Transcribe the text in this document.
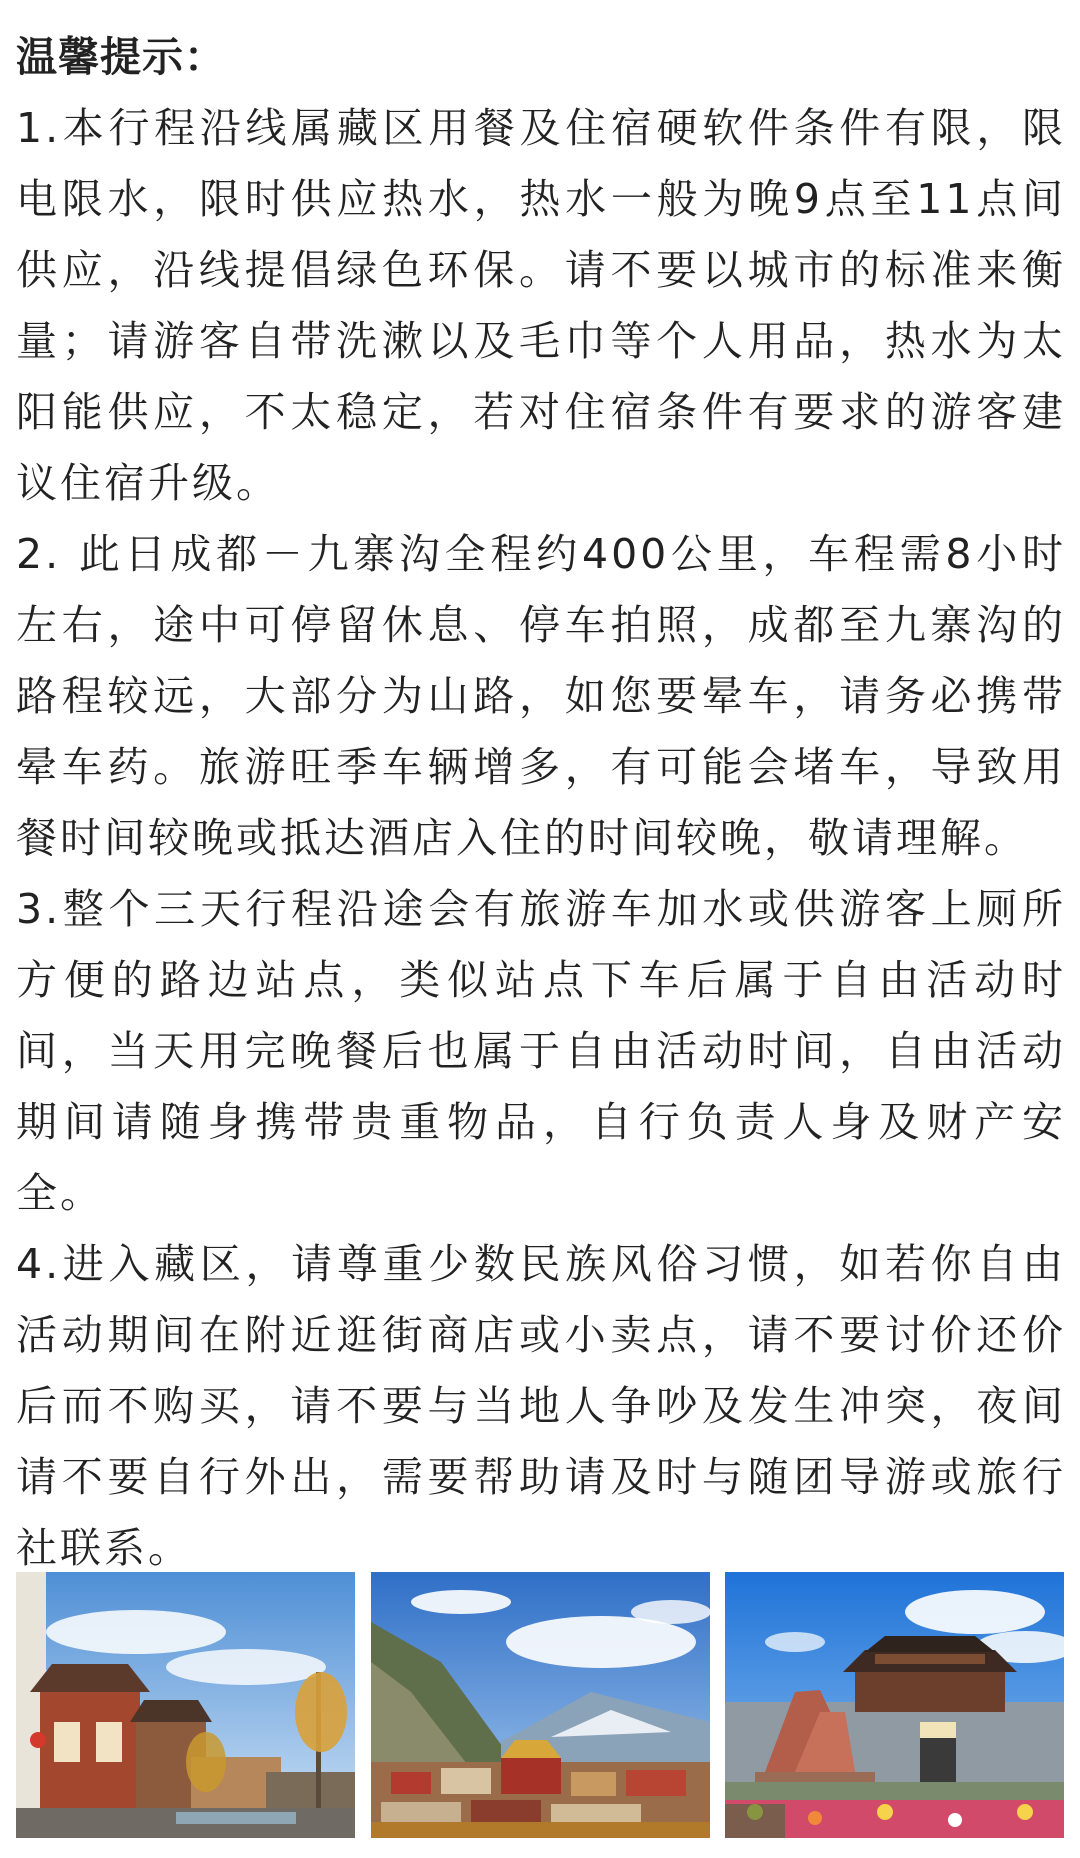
温馨提示：

1.本行程沿线属藏区用餐及住宿硬软件条件有限，限电限水，限时供应热水，热水一般为晚9点至11点间供应，沿线提倡绿色环保。请不要以城市的标准来衡量；请游客自带洗漱以及毛巾等个人用品，热水为太阳能供应，不太稳定，若对住宿条件有要求的游客建议住宿升级。

2. 此日成都－九寨沟全程约400公里，车程需8小时左右，途中可停留休息、停车拍照，成都至九寨沟的路程较远，大部分为山路，如您要晕车，请务必携带晕车药。旅游旺季车辆增多，有可能会堵车，导致用餐时间较晚或抵达酒店入住的时间较晚，敬请理解。

3.整个三天行程沿途会有旅游车加水或供游客上厕所方便的路边站点，类似站点下车后属于自由活动时间，当天用完晚餐后也属于自由活动时间，自由活动期间请随身携带贵重物品，自行负责人身及财产安全。

4.进入藏区，请尊重少数民族风俗习惯，如若你自由活动期间在附近逛街商店或小卖点，请不要讨价还价后而不购买，请不要与当地人争吵及发生冲突，夜间请不要自行外出，需要帮助请及时与随团导游或旅行社联系。
